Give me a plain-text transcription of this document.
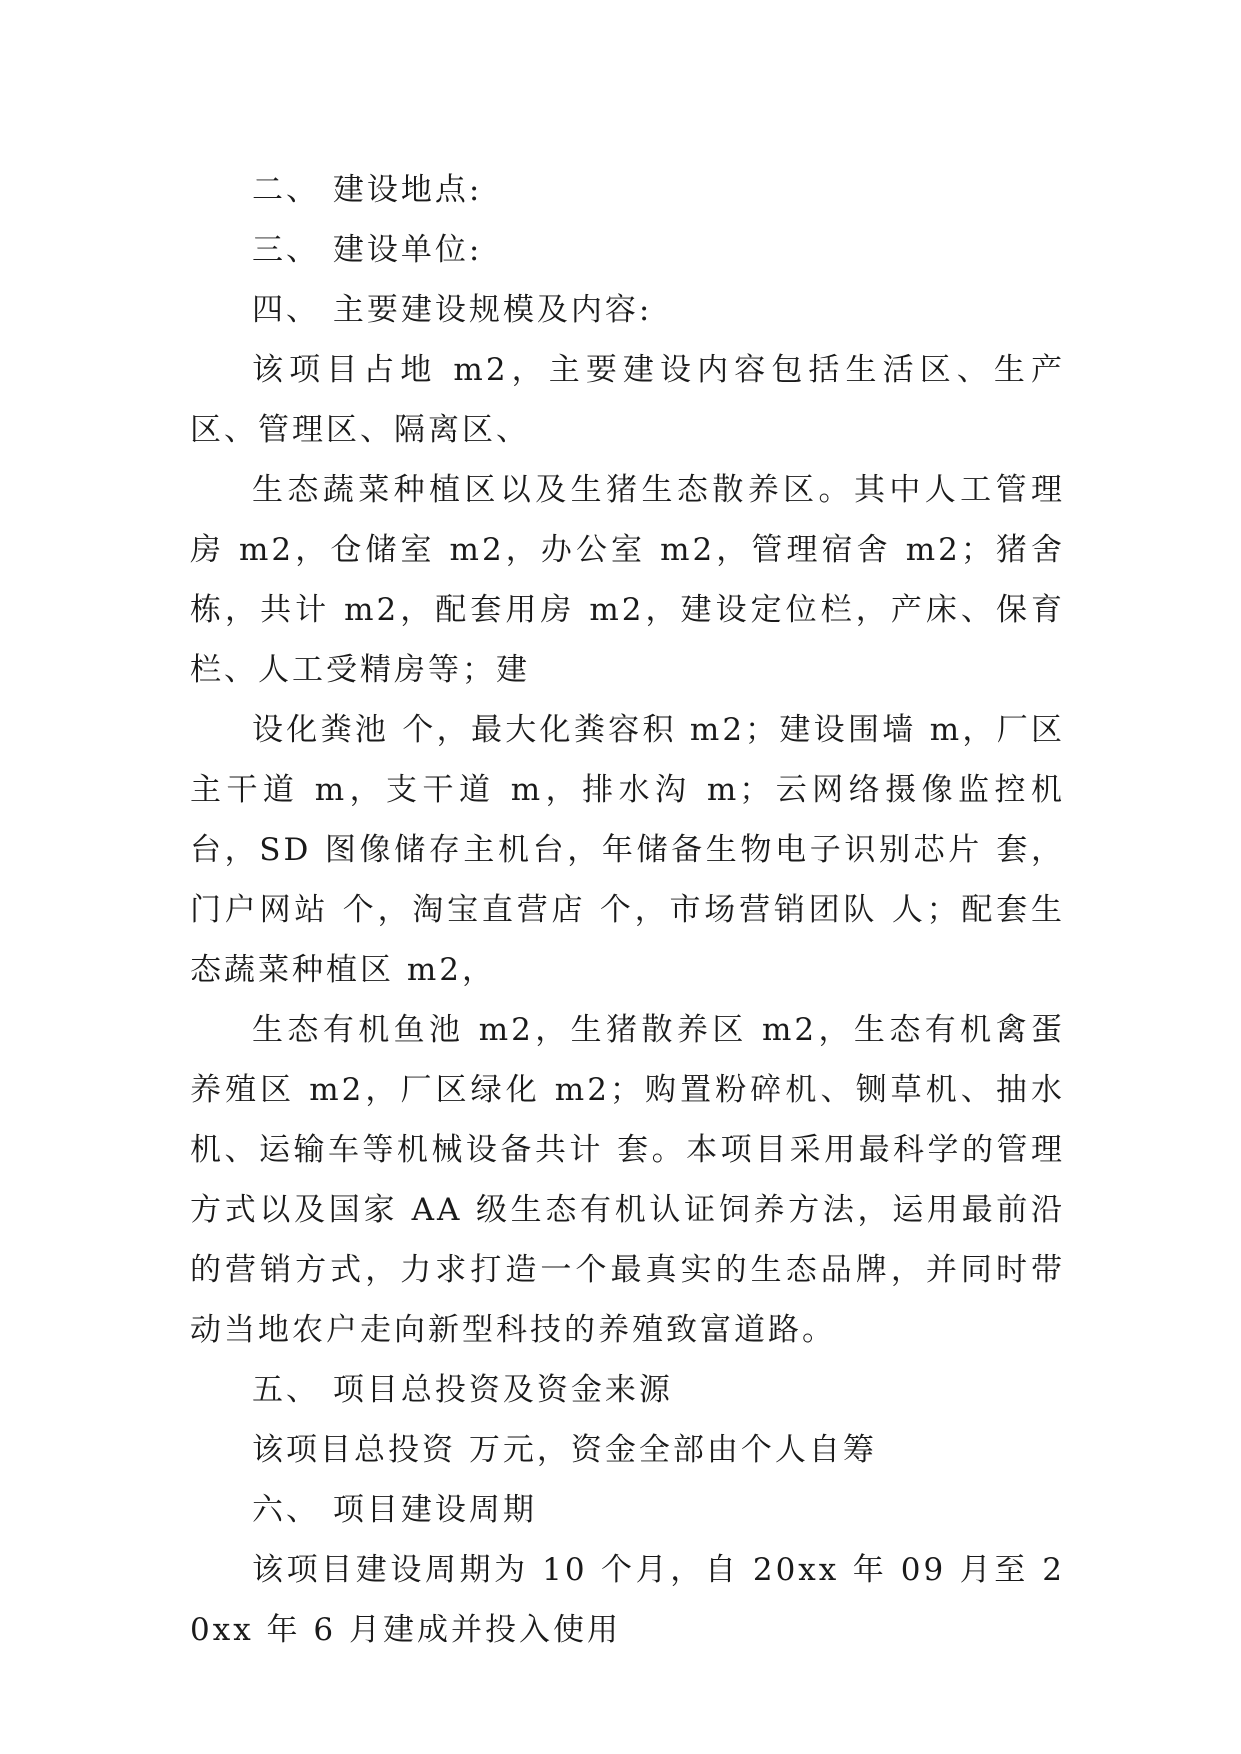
二、 建设地点:

三、 建设单位:

四、 主要建设规模及内容:

该项目占地 m2，主要建设内容包括生活区、生产区、管理区、隔离区、

生态蔬菜种植区以及生猪生态散养区。其中人工管理房 m2，仓储室 m2，办公室 m2，管理宿舍 m2；猪舍 栋，共计 m2，配套用房 m2，建设定位栏，产床、保育栏、人工受精房等；建

设化粪池 个，最大化粪容积 m2；建设围墙 m，厂区主干道 m，支干道 m，排水沟 m；云网络摄像监控机 台，SD 图像储存主机台，年储备生物电子识别芯片 套，门户网站 个，淘宝直营店 个，市场营销团队 人；配套生态蔬菜种植区 m2，

生态有机鱼池 m2，生猪散养区 m2，生态有机禽蛋养殖区 m2，厂区绿化 m2；购置粉碎机、铡草机、抽水机、运输车等机械设备共计 套。本项目采用最科学的管理方式以及国家 AA 级生态有机认证饲养方法，运用最前沿的营销方式，力求打造一个最真实的生态品牌，并同时带动当地农户走向新型科技的养殖致富道路。

五、 项目总投资及资金来源

该项目总投资 万元，资金全部由个人自筹

六、 项目建设周期

该项目建设周期为 10 个月，自 20xx 年 09 月至 20xx 年 6 月建成并投入使用
